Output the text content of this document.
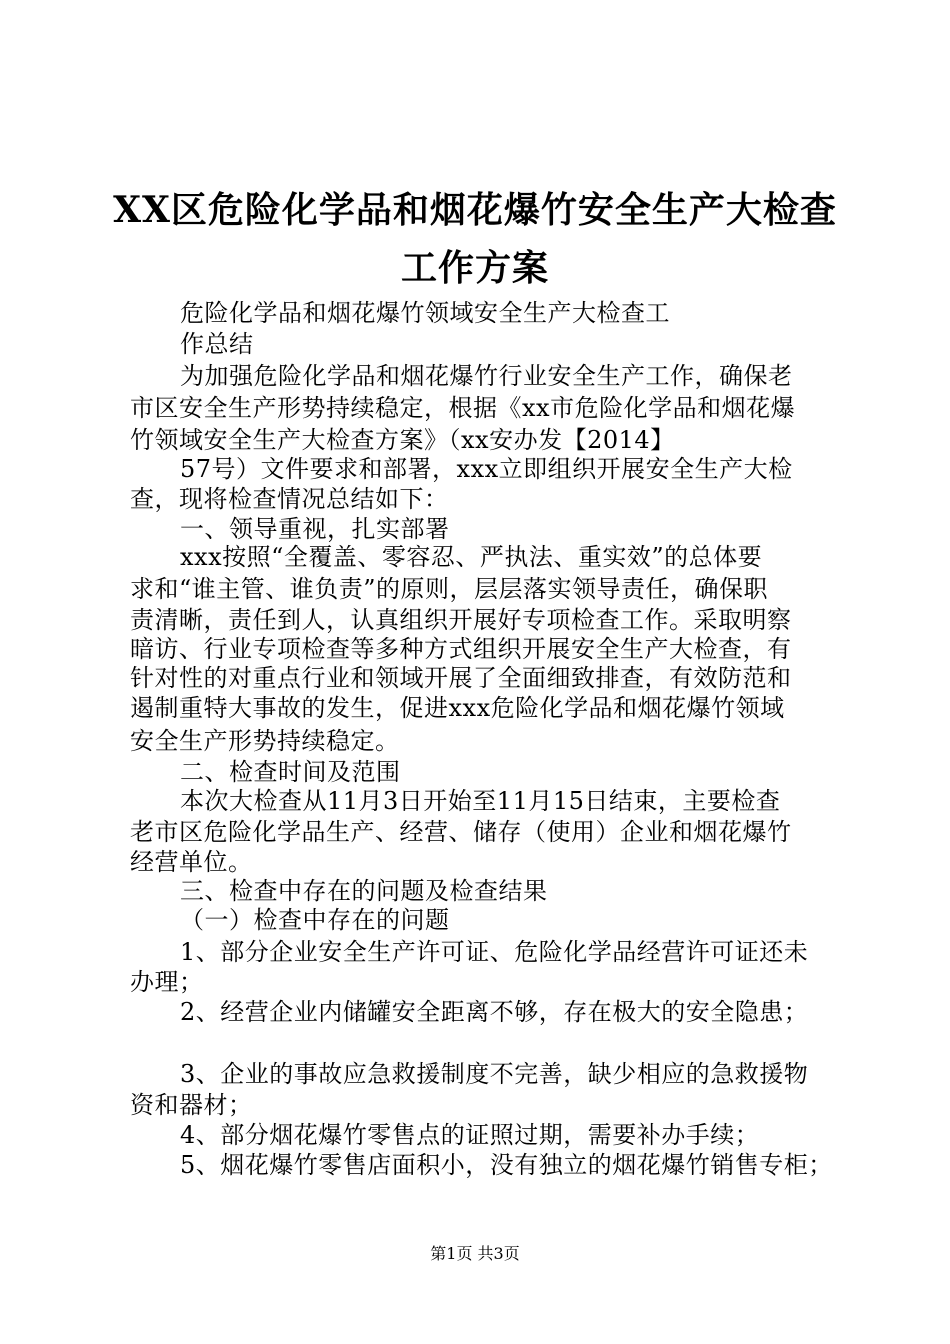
XX区危险化学品和烟花爆竹安全生产大检查
工作方案
危险化学品和烟花爆竹领域安全生产大检查工
作总结
为加强危险化学品和烟花爆竹行业安全生产工作，确保老
市区安全生产形势持续稳定，根据《xx市危险化学品和烟花爆
竹领域安全生产大检查方案》（xx安办发【2014】
57号）文件要求和部署，xxx立即组织开展安全生产大检
查，现将检查情况总结如下：
一、领导重视，扎实部署
xxx按照“全覆盖、零容忍、严执法、重实效”的总体要
求和“谁主管、谁负责”的原则，层层落实领导责任，确保职
责清晰，责任到人，认真组织开展好专项检查工作。采取明察
暗访、行业专项检查等多种方式组织开展安全生产大检查，有
针对性的对重点行业和领域开展了全面细致排查，有效防范和
遏制重特大事故的发生，促进xxx危险化学品和烟花爆竹领域
安全生产形势持续稳定。
二、检查时间及范围
本次大检查从11月3日开始至11月15日结束，主要检查
老市区危险化学品生产、经营、储存（使用）企业和烟花爆竹
经营单位。
三、检查中存在的问题及检查结果
（一）检查中存在的问题
1、部分企业安全生产许可证、危险化学品经营许可证还未
办理；
2、经营企业内储罐安全距离不够，存在极大的安全隐患；
3、企业的事故应急救援制度不完善，缺少相应的急救援物
资和器材；
4、部分烟花爆竹零售点的证照过期，需要补办手续；
5、烟花爆竹零售店面积小，没有独立的烟花爆竹销售专柜；
第1页 共3页
